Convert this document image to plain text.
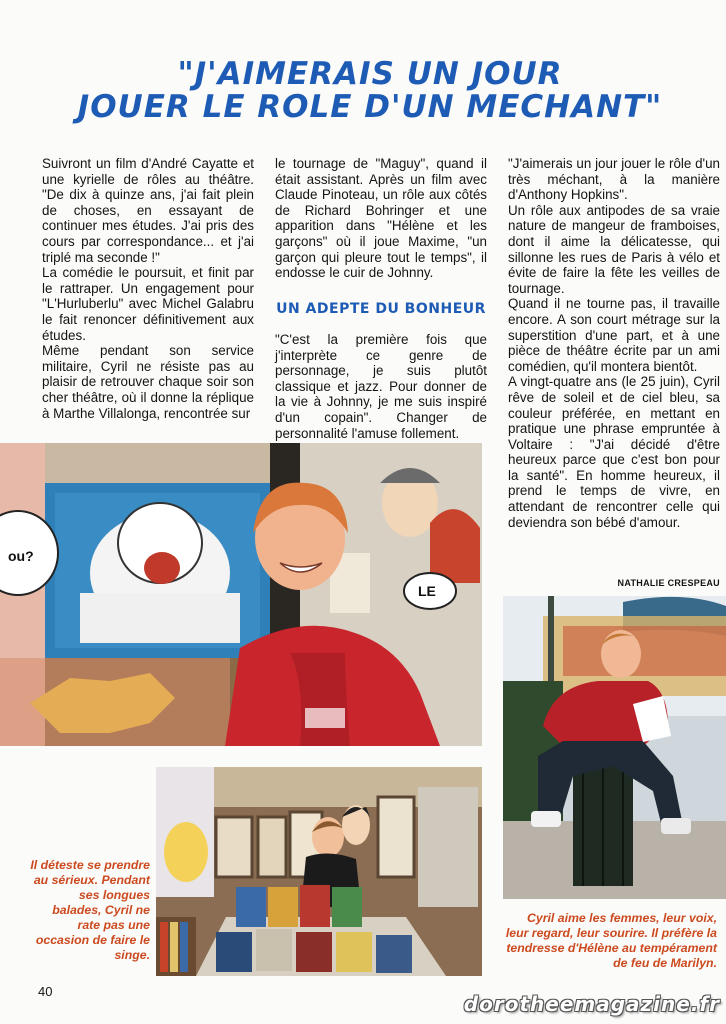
"J'AIMERAIS UN JOUR
JOUER LE ROLE D'UN MECHANT"

Suivront un film d'André Cayatte et une kyrielle de rôles au théâtre. "De dix à quinze ans, j'ai fait plein de choses, en essayant de continuer mes études. J'ai pris des cours par correspondance... et j'ai triplé ma seconde !"

La comédie le poursuit, et finit par le rattraper. Un engagement pour "L'Hurluberlu" avec Michel Galabru le fait renoncer définitivement aux études.

Même pendant son service militaire, Cyril ne résiste pas au plaisir de retrouver chaque soir son cher théâtre, où il donne la réplique à Marthe Villalonga, rencontrée sur

le tournage de "Maguy", quand il était assistant. Après un film avec Claude Pinoteau, un rôle aux côtés de Richard Bohringer et une apparition dans "Hélène et les garçons" où il joue Maxime, "un garçon qui pleure tout le temps", il endosse le cuir de Johnny.

UN ADEPTE DU BONHEUR

"C'est la première fois que j'interprète ce genre de personnage, je suis plutôt classique et jazz. Pour donner de la vie à Johnny, je me suis inspiré d'un copain". Changer de personnalité l'amuse follement.

"J'aimerais un jour jouer le rôle d'un très méchant, à la manière d'Anthony Hopkins".

Un rôle aux antipodes de sa vraie nature de mangeur de framboises, dont il aime la délicatesse, qui sillonne les rues de Paris à vélo et évite de faire la fête les veilles de tournage.

Quand il ne tourne pas, il travaille encore. A son court métrage sur la superstition d'une part, et à une pièce de théâtre écrite par un ami comédien, qu'il montera bientôt.

A vingt-quatre ans (le 25 juin), Cyril rêve de soleil et de ciel bleu, sa couleur préférée, en mettant en pratique une phrase empruntée à Voltaire : "J'ai décidé d'être heureux parce que c'est bon pour la santé". En homme heureux, il prend le temps de vivre, en attendant de rencontrer celle qui deviendra son bébé d'amour.

NATHALIE CRESPEAU
ou?
LE
Il déteste se prendre au sérieux. Pendant ses longues balades, Cyril ne rate pas une occasion de faire le singe.
Cyril aime les femmes, leur voix, leur regard, leur sourire. Il préfère la tendresse d'Hélène au tempérament de feu de Marilyn.
40
dorotheemagazine.fr
